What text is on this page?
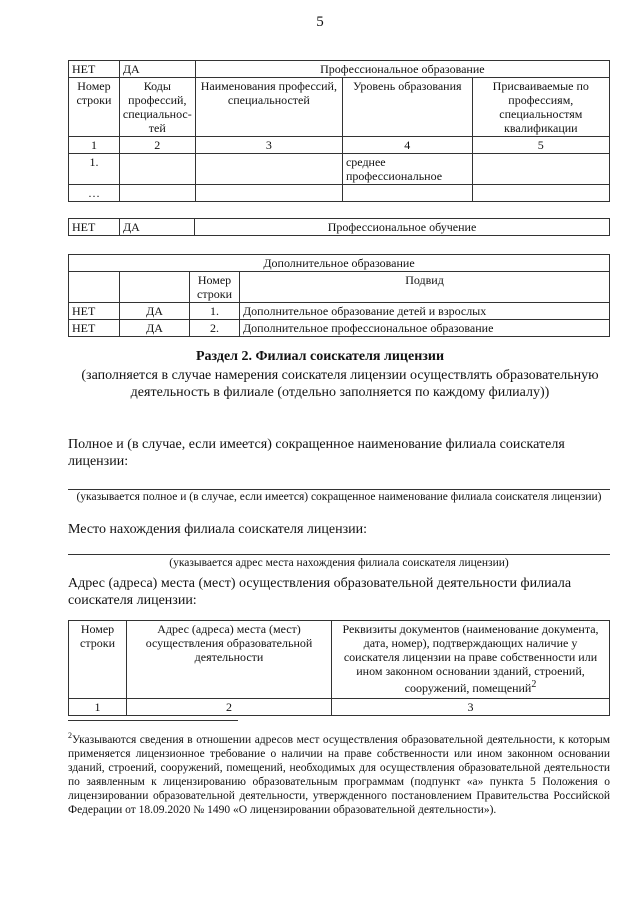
5
НЕТ	ДА	Профессиональное образование		
Номер строки	Коды профессий, специальнос-тей	Наименования профессий, специальностей	Уровень образования	Присваиваемые по профессиям, специальностям квалификации
1	2	3	4	5
1.			среднее профессиональное	
…				
НЕТ	ДА	Профессиональное обучение
Дополнительное образование			
		Номер строки	Подвид
НЕТ	ДА	1.	Дополнительное образование детей и взрослых
НЕТ	ДА	2.	Дополнительное профессиональное образование
Раздел 2. Филиал соискателя лицензии
(заполняется в случае намерения соискателя лицензии осуществлять образовательную деятельность в филиале (отдельно заполняется по каждому филиалу))
Полное и (в случае, если имеется) сокращенное наименование филиала соискателя лицензии:
(указывается полное и (в случае, если имеется) сокращенное наименование филиала соискателя лицензии)
Место нахождения филиала соискателя лицензии:
(указывается адрес места нахождения филиала соискателя лицензии)
Адрес (адреса) места (мест) осуществления образовательной деятельности филиала соискателя лицензии:
Номер строки	Адрес (адреса) места (мест) осуществления образовательной деятельности	Реквизиты документов (наименование документа, дата, номер), подтверждающих наличие у соискателя лицензии на праве собственности или ином законном основании зданий, строений, сооружений, помещений$^2$
1	2	3
$^2$Указываются сведения в отношении адресов мест осуществления образовательной деятельности, к которым применяется лицензионное требование о наличии на праве собственности или ином законном основании зданий, строений, сооружений, помещений, необходимых для осуществления образовательной деятельности по заявленным к лицензированию образовательным программам (подпункт «а» пункта 5 Положения о лицензировании образовательной деятельности, утвержденного постановлением Правительства Российской Федерации от 18.09.2020 № 1490 «О лицензировании образовательной деятельности»).
